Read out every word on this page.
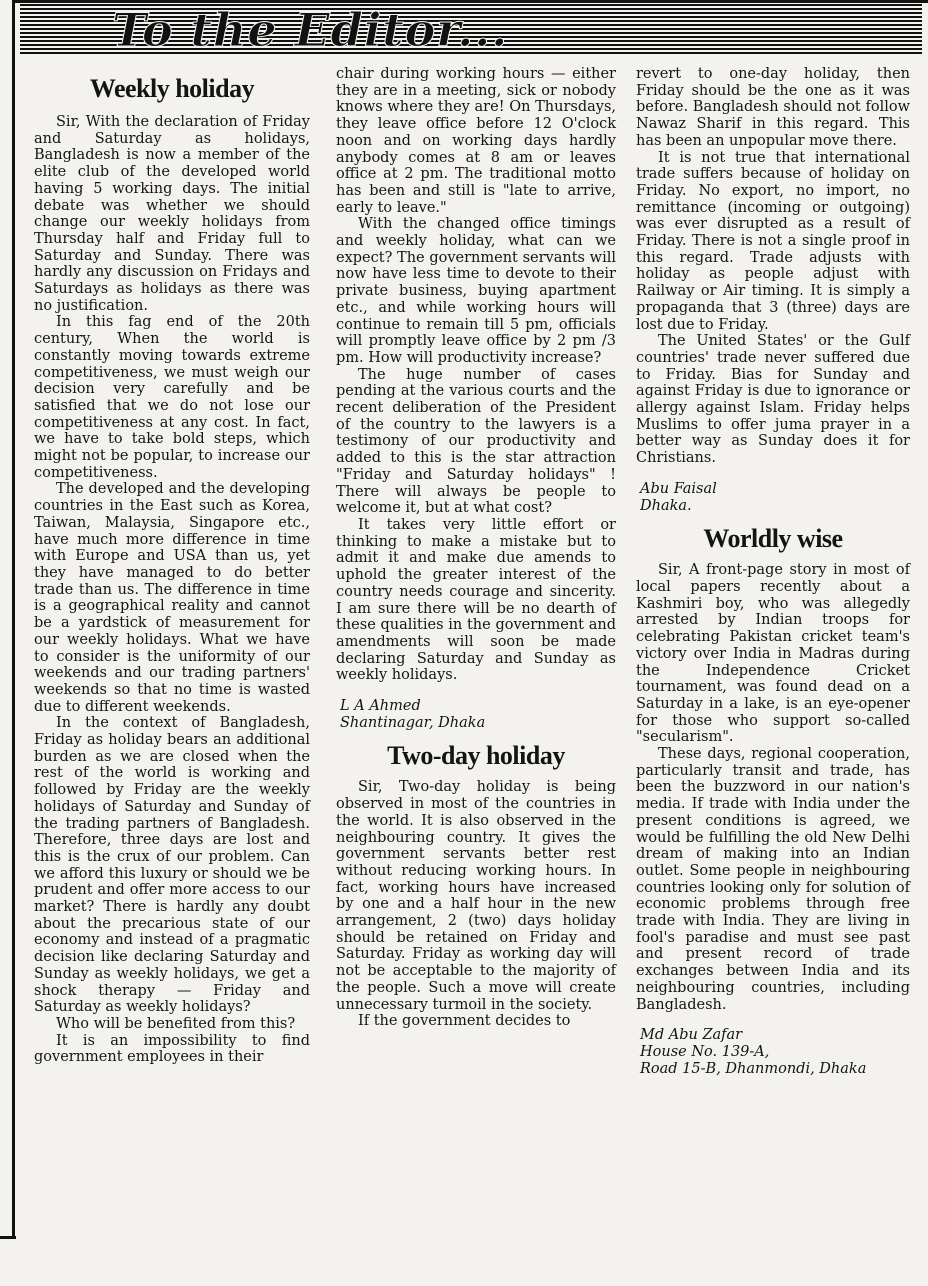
To the Editor...
Weekly holiday

Sir, With the declaration of Friday and Saturday as holidays, Bangladesh is now a member of the elite club of the developed world having 5 working days. The initial debate was whether we should change our weekly holidays from Thursday half and Friday full to Saturday and Sunday. There was hardly any discussion on Fridays and Saturdays as holidays as there was no justification.

In this fag end of the 20th century, When the world is constantly moving towards extreme competitiveness, we must weigh our decision very carefully and be satisfied that we do not lose our competitiveness at any cost. In fact, we have to take bold steps, which might not be popular, to increase our competitiveness.

The developed and the developing countries in the East such as Korea, Taiwan, Malaysia, Singapore etc., have much more difference in time with Europe and USA than us, yet they have managed to do better trade than us. The difference in time is a geographical reality and cannot be a yardstick of measurement for our weekly holidays. What we have to consider is the uniformity of our weekends and our trading partners' weekends so that no time is wasted due to different weekends.

In the context of Bangladesh, Friday as holiday bears an additional burden as we are closed when the rest of the world is working and followed by Friday are the weekly holidays of Saturday and Sunday of the trading partners of Bangladesh. Therefore, three days are lost and this is the crux of our problem. Can we afford this luxury or should we be prudent and offer more access to our market? There is hardly any doubt about the precarious state of our economy and instead of a pragmatic decision like declaring Saturday and Sunday as weekly holidays, we get a shock therapy — Friday and Saturday as weekly holidays?

Who will be benefited from this?

It is an impossibility to find government employees in their

chair during working hours — either they are in a meeting, sick or nobody knows where they are! On Thursdays, they leave office before 12 O'clock noon and on working days hardly anybody comes at 8 am or leaves office at 2 pm. The traditional motto has been and still is "late to arrive, early to leave."

With the changed office timings and weekly holiday, what can we expect? The government servants will now have less time to devote to their private business, buying apartment etc., and while working hours will continue to remain till 5 pm, officials will promptly leave office by 2 pm /3 pm. How will productivity increase?

The huge number of cases pending at the various courts and the recent deliberation of the President of the country to the lawyers is a testimony of our productivity and added to this is the star attraction "Friday and Saturday holidays" ! There will always be people to welcome it, but at what cost?

It takes very little effort or thinking to make a mistake but to admit it and make due amends to uphold the greater interest of the country needs courage and sincerity. I am sure there will be no dearth of these qualities in the government and amendments will soon be made declaring Saturday and Sunday as weekly holidays.

L A Ahmed
Shantinagar, Dhaka
Two-day holiday

Sir, Two-day holiday is being observed in most of the countries in the world. It is also observed in the neighbouring country. It gives the government servants better rest without reducing working hours. In fact, working hours have increased by one and a half hour in the new arrangement, 2 (two) days holiday should be retained on Friday and Saturday. Friday as working day will not be acceptable to the majority of the people. Such a move will create unnecessary turmoil in the society.

If the government decides to

revert to one-day holiday, then Friday should be the one as it was before. Bangladesh should not follow Nawaz Sharif in this regard. This has been an unpopular move there.

It is not true that international trade suffers because of holiday on Friday. No export, no import, no remittance (incoming or outgoing) was ever disrupted as a result of Friday. There is not a single proof in this regard. Trade adjusts with holiday as people adjust with Railway or Air timing. It is simply a propaganda that 3 (three) days are lost due to Friday.

The United States' or the Gulf countries' trade never suffered due to Friday. Bias for Sunday and against Friday is due to ignorance or allergy against Islam. Friday helps Muslims to offer juma prayer in a better way as Sunday does it for Christians.

Abu Faisal
Dhaka.
Worldly wise

Sir, A front-page story in most of local papers recently about a Kashmiri boy, who was allegedly arrested by Indian troops for celebrating Pakistan cricket team's victory over India in Madras during the Independence Cricket tournament, was found dead on a Saturday in a lake, is an eye-opener for those who support so-called "secularism".

These days, regional cooperation, particularly transit and trade, has been the buzzword in our nation's media. If trade with India under the present conditions is agreed, we would be fulfilling the old New Delhi dream of making into an Indian outlet. Some people in neighbouring countries looking only for solution of economic problems through free trade with India. They are living in fool's paradise and must see past and present record of trade exchanges between India and its neighbouring countries, including Bangladesh.

Md Abu Zafar
House No. 139-A,
Road 15-B, Dhanmondi, Dhaka
